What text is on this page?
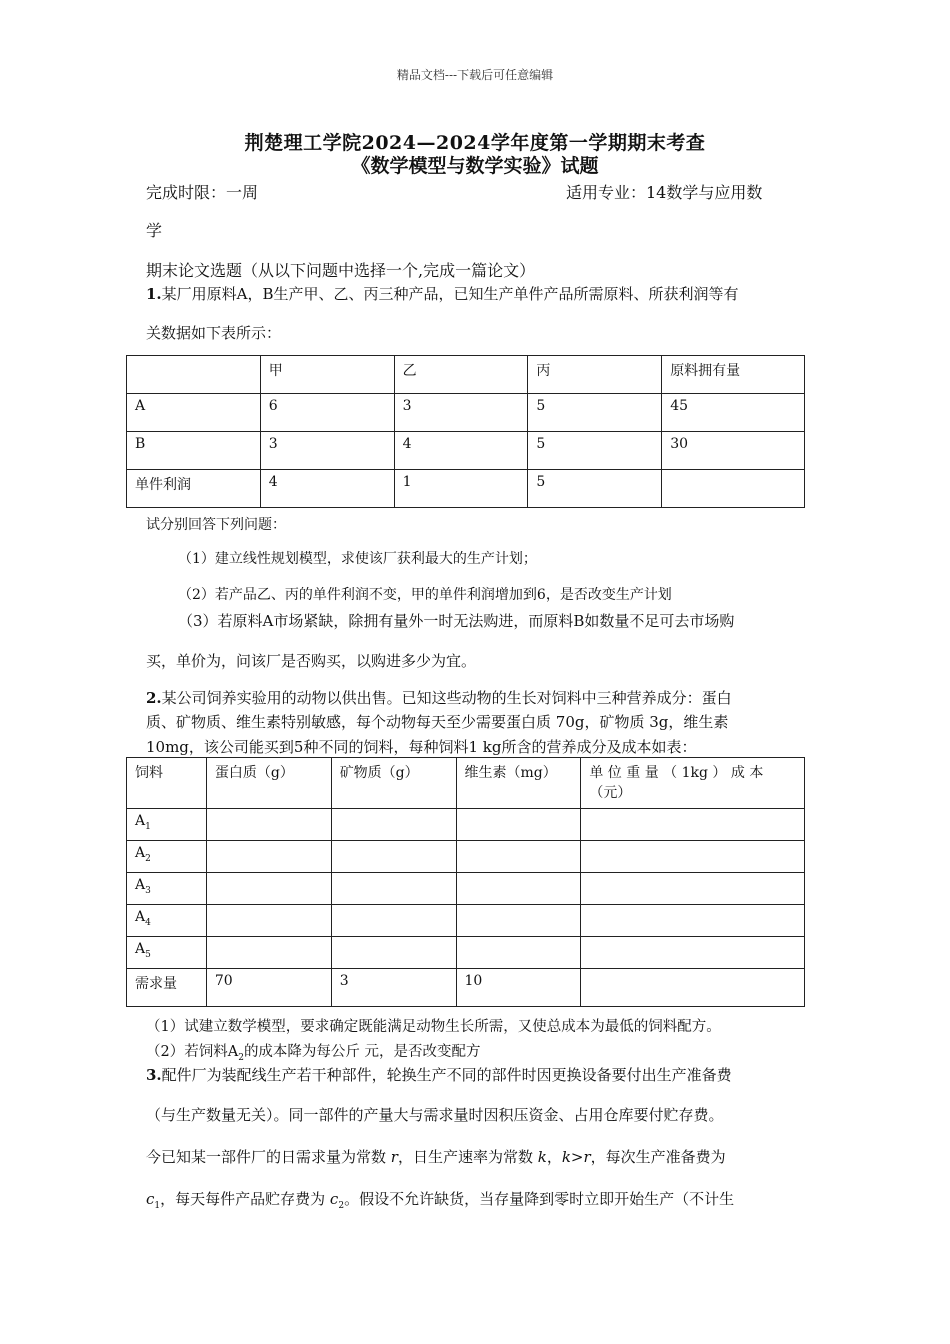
精品文档---下载后可任意编辑
荆楚理工学院2024—2024学年度第一学期期末考查
《数学模型与数学实验》试题
完成时限：一周	适用专业：14数学与应用数
学
期末论文选题（从以下问题中选择一个,完成一篇论文）
1.某厂用原料A，B生产甲、乙、丙三种产品，已知生产单件产品所需原料、所获利润等有
关数据如下表所示：
	甲	乙	丙	原料拥有量
A	6	3	5	45
B	3	4	5	30
单件利润	4	1	5	
试分别回答下列问题：
（1）建立线性规划模型，求使该厂获利最大的生产计划；
（2）若产品乙、丙的单件利润不变，甲的单件利润增加到6，是否改变生产计划
（3）若原料A市场紧缺，除拥有量外一时无法购进，而原料B如数量不足可去市场购
买，单价为，问该厂是否购买，以购进多少为宜。
2.某公司饲养实验用的动物以供出售。已知这些动物的生长对饲料中三种营养成分：蛋白
质、矿物质、维生素特别敏感，每个动物每天至少需要蛋白质 70g，矿物质 3g，维生素
10mg，该公司能买到5种不同的饲料，每种饲料1 kg所含的营养成分及成本如表：
饲料	蛋白质（g）	矿物质（g）	维生素（mg）	单 位 重 量 （ 1kg ） 成 本（元）
$A_1$				
$A_2$				
$A_3$				
$A_4$				
$A_5$				
需求量	70	3	10	
（1）试建立数学模型，要求确定既能满足动物生长所需，又使总成本为最低的饲料配方。
（2）若饲料$A_2$的成本降为每公斤 元，是否改变配方
3.配件厂为装配线生产若干种部件，轮换生产不同的部件时因更换设备要付出生产准备费
（与生产数量无关）。同一部件的产量大与需求量时因积压资金、占用仓库要付贮存费。
今已知某一部件厂的日需求量为常数 r，日生产速率为常数 k，k>r，每次生产准备费为
$c_1$，每天每件产品贮存费为 $c_2$。假设不允许缺货，当存量降到零时立即开始生产（不计生
